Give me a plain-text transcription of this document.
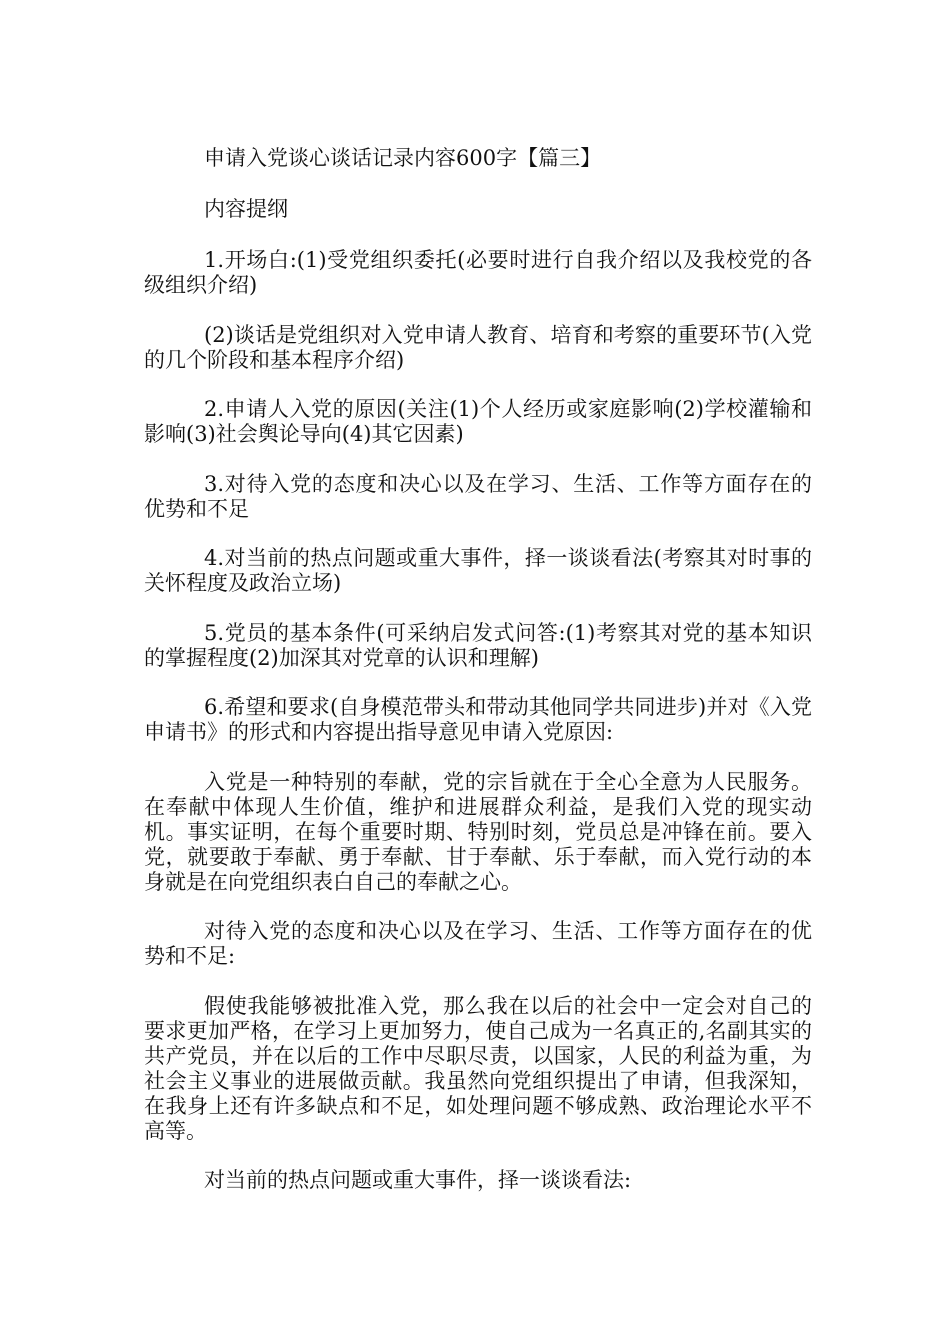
申请入党谈心谈话记录内容600字【篇三】

内容提纲

1.开场白:(1)受党组织委托(必要时进行自我介绍以及我校党的各级组织介绍)

(2)谈话是党组织对入党申请人教育、培育和考察的重要环节(入党的几个阶段和基本程序介绍)

2.申请人入党的原因(关注(1)个人经历或家庭影响(2)学校灌输和影响(3)社会舆论导向(4)其它因素)

3.对待入党的态度和决心以及在学习、生活、工作等方面存在的优势和不足

4.对当前的热点问题或重大事件，择一谈谈看法(考察其对时事的关怀程度及政治立场)

5.党员的基本条件(可采纳启发式问答:(1)考察其对党的基本知识的掌握程度(2)加深其对党章的认识和理解)

6.希望和要求(自身模范带头和带动其他同学共同进步)并对《入党申请书》的形式和内容提出指导意见申请入党原因:

入党是一种特别的奉献，党的宗旨就在于全心全意为人民服务。在奉献中体现人生价值，维护和进展群众利益，是我们入党的现实动机。事实证明，在每个重要时期、特别时刻，党员总是冲锋在前。要入党，就要敢于奉献、勇于奉献、甘于奉献、乐于奉献，而入党行动的本身就是在向党组织表白自己的奉献之心。

对待入党的态度和决心以及在学习、生活、工作等方面存在的优势和不足:

假使我能够被批准入党，那么我在以后的社会中一定会对自己的要求更加严格，在学习上更加努力，使自己成为一名真正的,名副其实的共产党员，并在以后的工作中尽职尽责，以国家，人民的利益为重，为社会主义事业的进展做贡献。我虽然向党组织提出了申请，但我深知，在我身上还有许多缺点和不足，如处理问题不够成熟、政治理论水平不高等。

对当前的热点问题或重大事件，择一谈谈看法:
